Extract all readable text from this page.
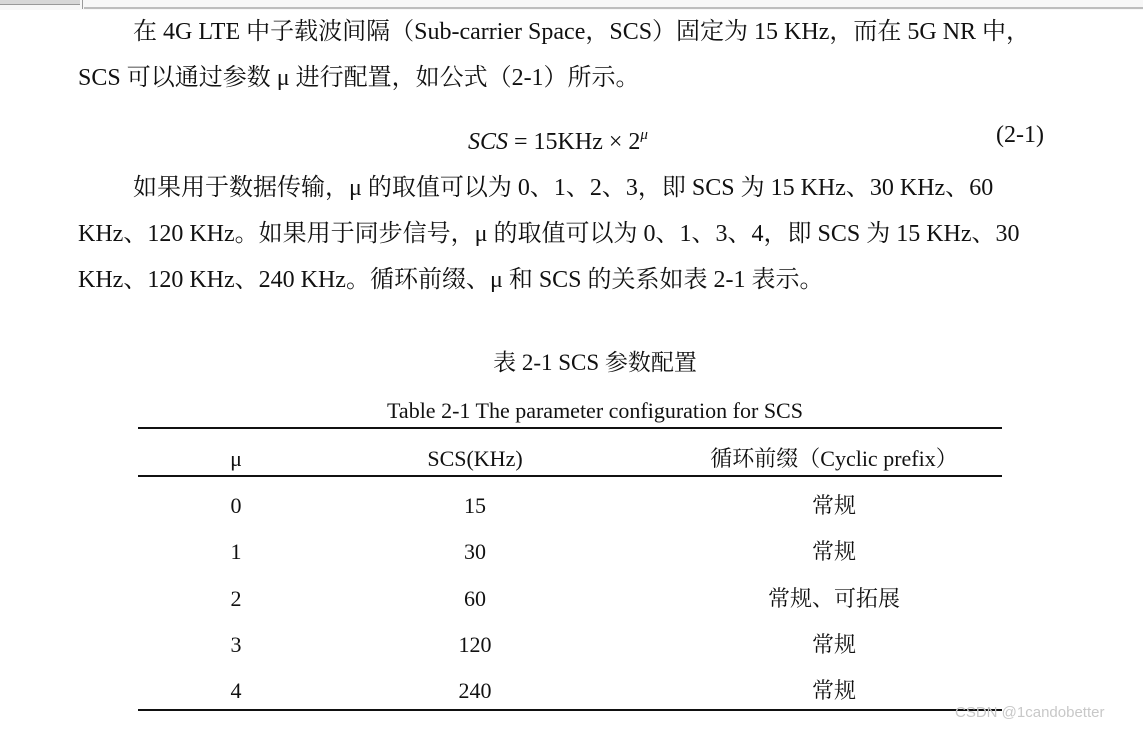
在 4G LTE 中子载波间隔（Sub-carrier Space，SCS）固定为 15 KHz，而在 5G NR 中，SCS 可以通过参数 μ 进行配置，如公式（2-1）所示。

SCS = $15KHz \times 2^\mu$	(2-1)

如果用于数据传输，μ 的取值可以为 0、1、2、3，即 SCS 为 15 KHz、30 KHz、60 KHz、120 KHz。如果用于同步信号，μ 的取值可以为 0、1、3、4，即 SCS 为 15 KHz、30 KHz、120 KHz、240 KHz。循环前缀、μ 和 SCS 的关系如表 2-1 表示。

表 2-1 SCS 参数配置
Table 2-1 The parameter configuration for SCS
μ	SCS(KHz)	循环前缀（Cyclic prefix）
0	15	常规
1	30	常规
2	60	常规、可拓展
3	120	常规
4	240	常规
CSDN @1candobetter
